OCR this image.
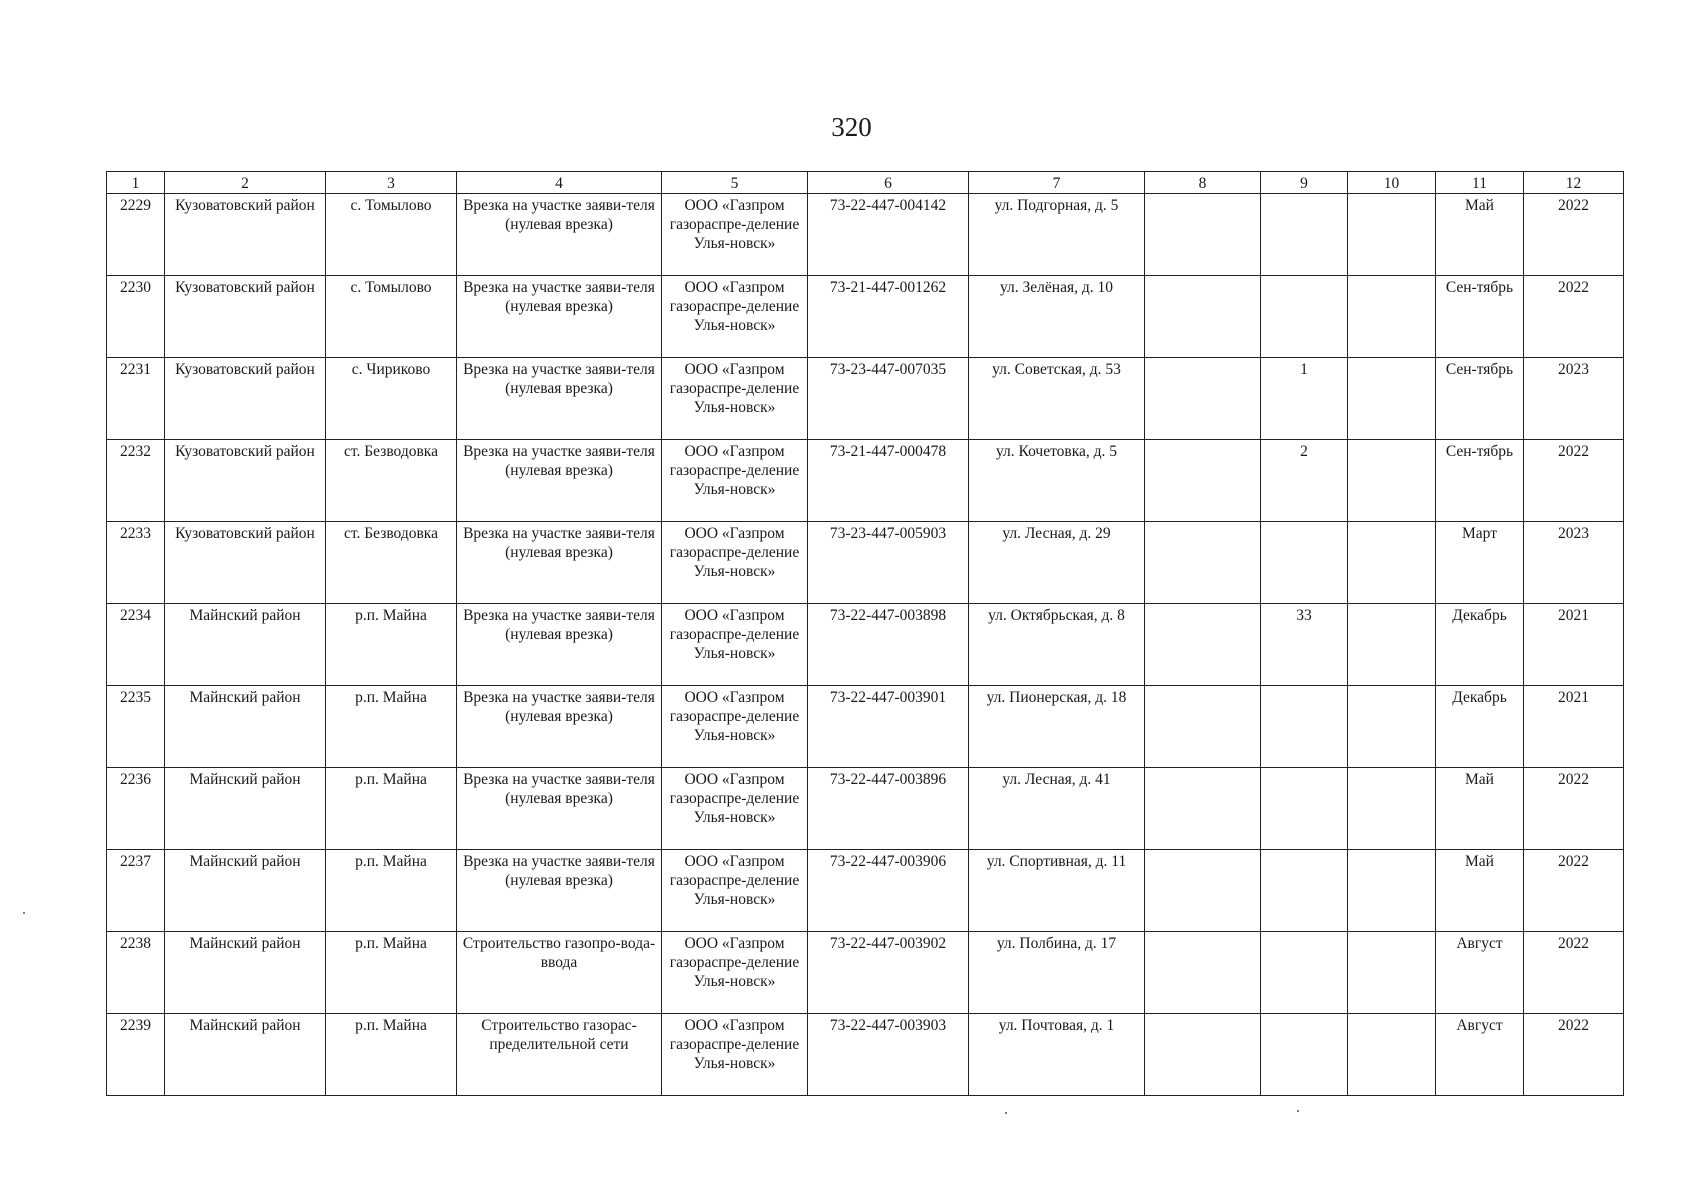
320
1	2	3	4	5	6	7	8	9	10	11	12
2229	Кузоватовский район	с. Томылово	Врезка на участке заяви-теля (нулевая врезка)	ООО «Газпром газораспре-деление Улья-новск»	73-22-447-004142	ул. Подгорная, д. 5				Май	2022
2230	Кузоватовский район	с. Томылово	Врезка на участке заяви-теля (нулевая врезка)	ООО «Газпром газораспре-деление Улья-новск»	73-21-447-001262	ул. Зелёная, д. 10				Сен-тябрь	2022
2231	Кузоватовский район	с. Чириково	Врезка на участке заяви-теля (нулевая врезка)	ООО «Газпром газораспре-деление Улья-новск»	73-23-447-007035	ул. Советская, д. 53		1		Сен-тябрь	2023
2232	Кузоватовский район	ст. Безводовка	Врезка на участке заяви-теля (нулевая врезка)	ООО «Газпром газораспре-деление Улья-новск»	73-21-447-000478	ул. Кочетовка, д. 5		2		Сен-тябрь	2022
2233	Кузоватовский район	ст. Безводовка	Врезка на участке заяви-теля (нулевая врезка)	ООО «Газпром газораспре-деление Улья-новск»	73-23-447-005903	ул. Лесная, д. 29				Март	2023
2234	Майнский район	р.п. Майна	Врезка на участке заяви-теля (нулевая врезка)	ООО «Газпром газораспре-деление Улья-новск»	73-22-447-003898	ул. Октябрьская, д. 8		33		Декабрь	2021
2235	Майнский район	р.п. Майна	Врезка на участке заяви-теля (нулевая врезка)	ООО «Газпром газораспре-деление Улья-новск»	73-22-447-003901	ул. Пионерская, д. 18				Декабрь	2021
2236	Майнский район	р.п. Майна	Врезка на участке заяви-теля (нулевая врезка)	ООО «Газпром газораспре-деление Улья-новск»	73-22-447-003896	ул. Лесная, д. 41				Май	2022
2237	Майнский район	р.п. Майна	Врезка на участке заяви-теля (нулевая врезка)	ООО «Газпром газораспре-деление Улья-новск»	73-22-447-003906	ул. Спортивная, д. 11				Май	2022
2238	Майнский район	р.п. Майна	Строительство газопро-вода-ввода	ООО «Газпром газораспре-деление Улья-новск»	73-22-447-003902	ул. Полбина, д. 17				Август	2022
2239	Майнский район	р.п. Майна	Строительство газорас-пределительной сети	ООО «Газпром газораспре-деление Улья-новск»	73-22-447-003903	ул. Почтовая, д. 1				Август	2022
